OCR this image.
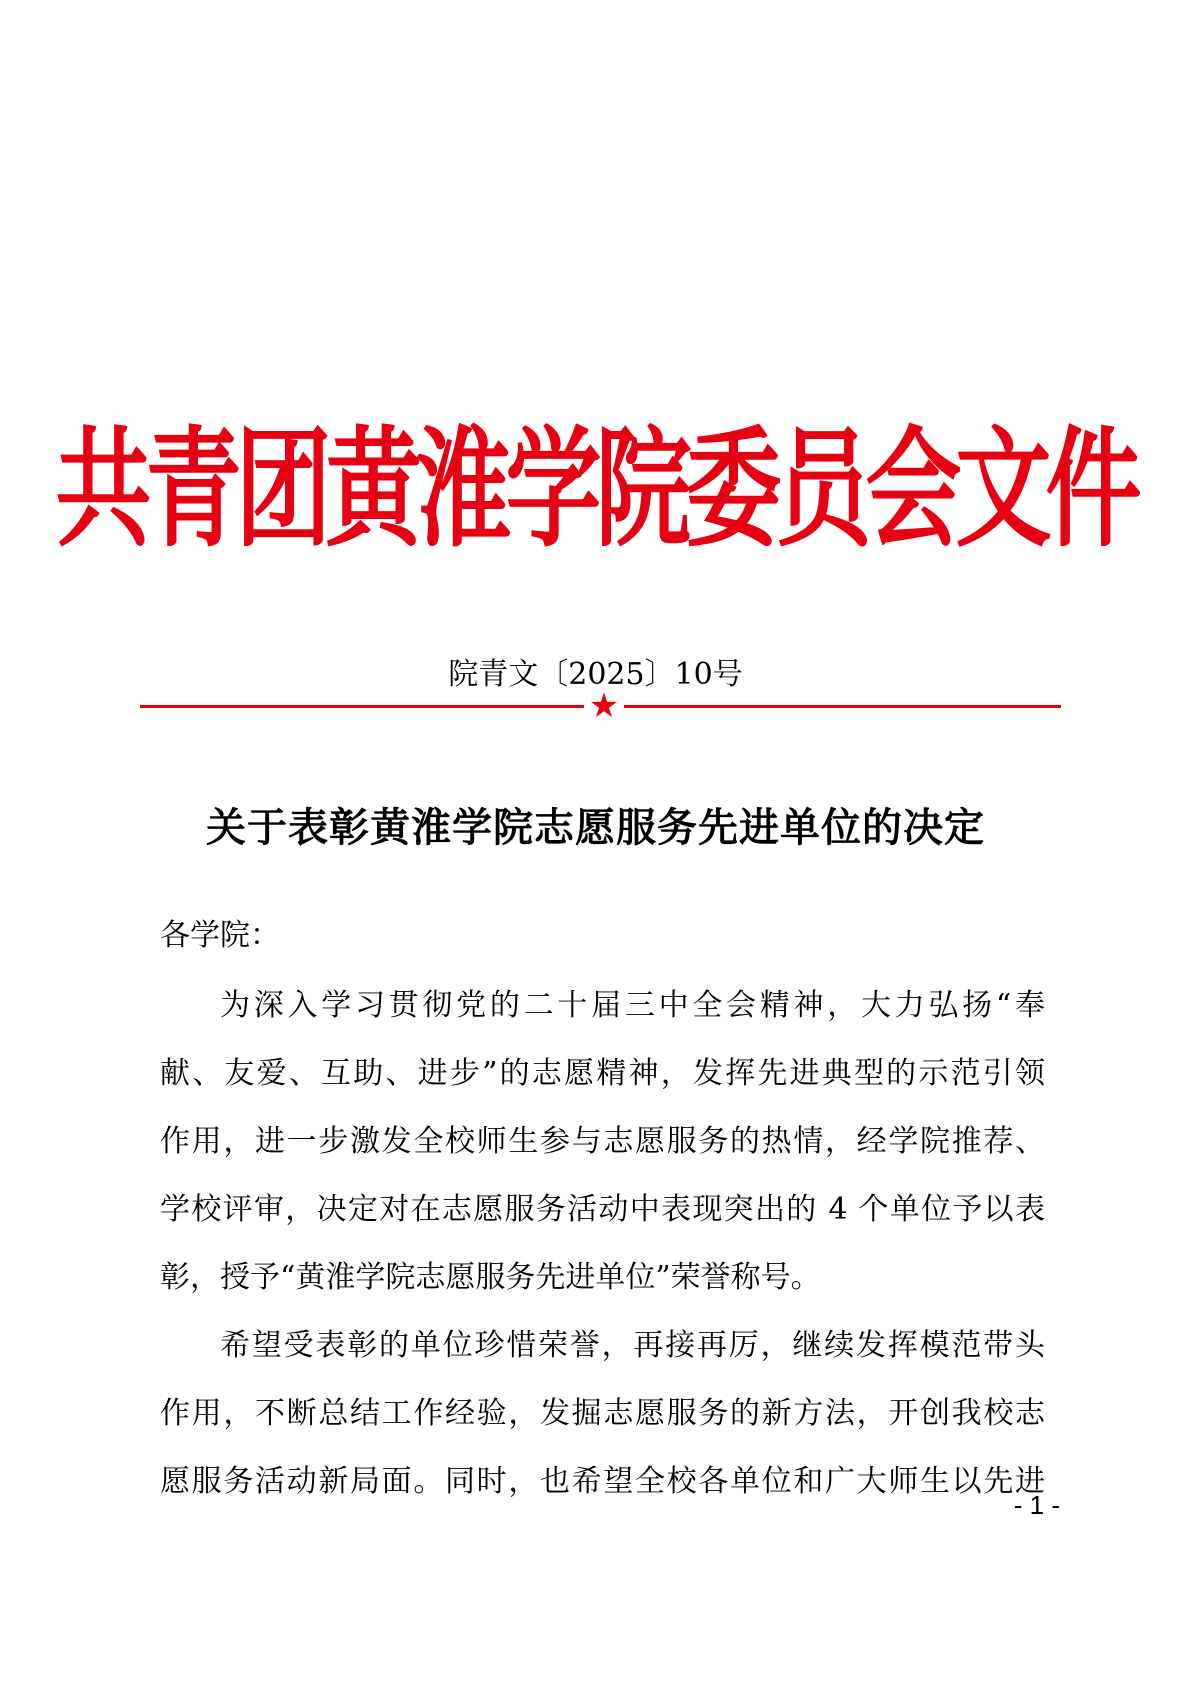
共青团黄淮学院委员会文件
院青文〔2025〕10号
★
关于表彰黄淮学院志愿服务先进单位的决定
各学院：
为深入学习贯彻党的二十届三中全会精神，大力弘扬“奉
献、友爱、互助、进步”的志愿精神，发挥先进典型的示范引领
作用，进一步激发全校师生参与志愿服务的热情，经学院推荐、
学校评审，决定对在志愿服务活动中表现突出的 4 个单位予以表
彰，授予“黄淮学院志愿服务先进单位”荣誉称号。
希望受表彰的单位珍惜荣誉，再接再厉，继续发挥模范带头
作用，不断总结工作经验，发掘志愿服务的新方法，开创我校志
愿服务活动新局面。同时，也希望全校各单位和广大师生以先进
- 1 -
